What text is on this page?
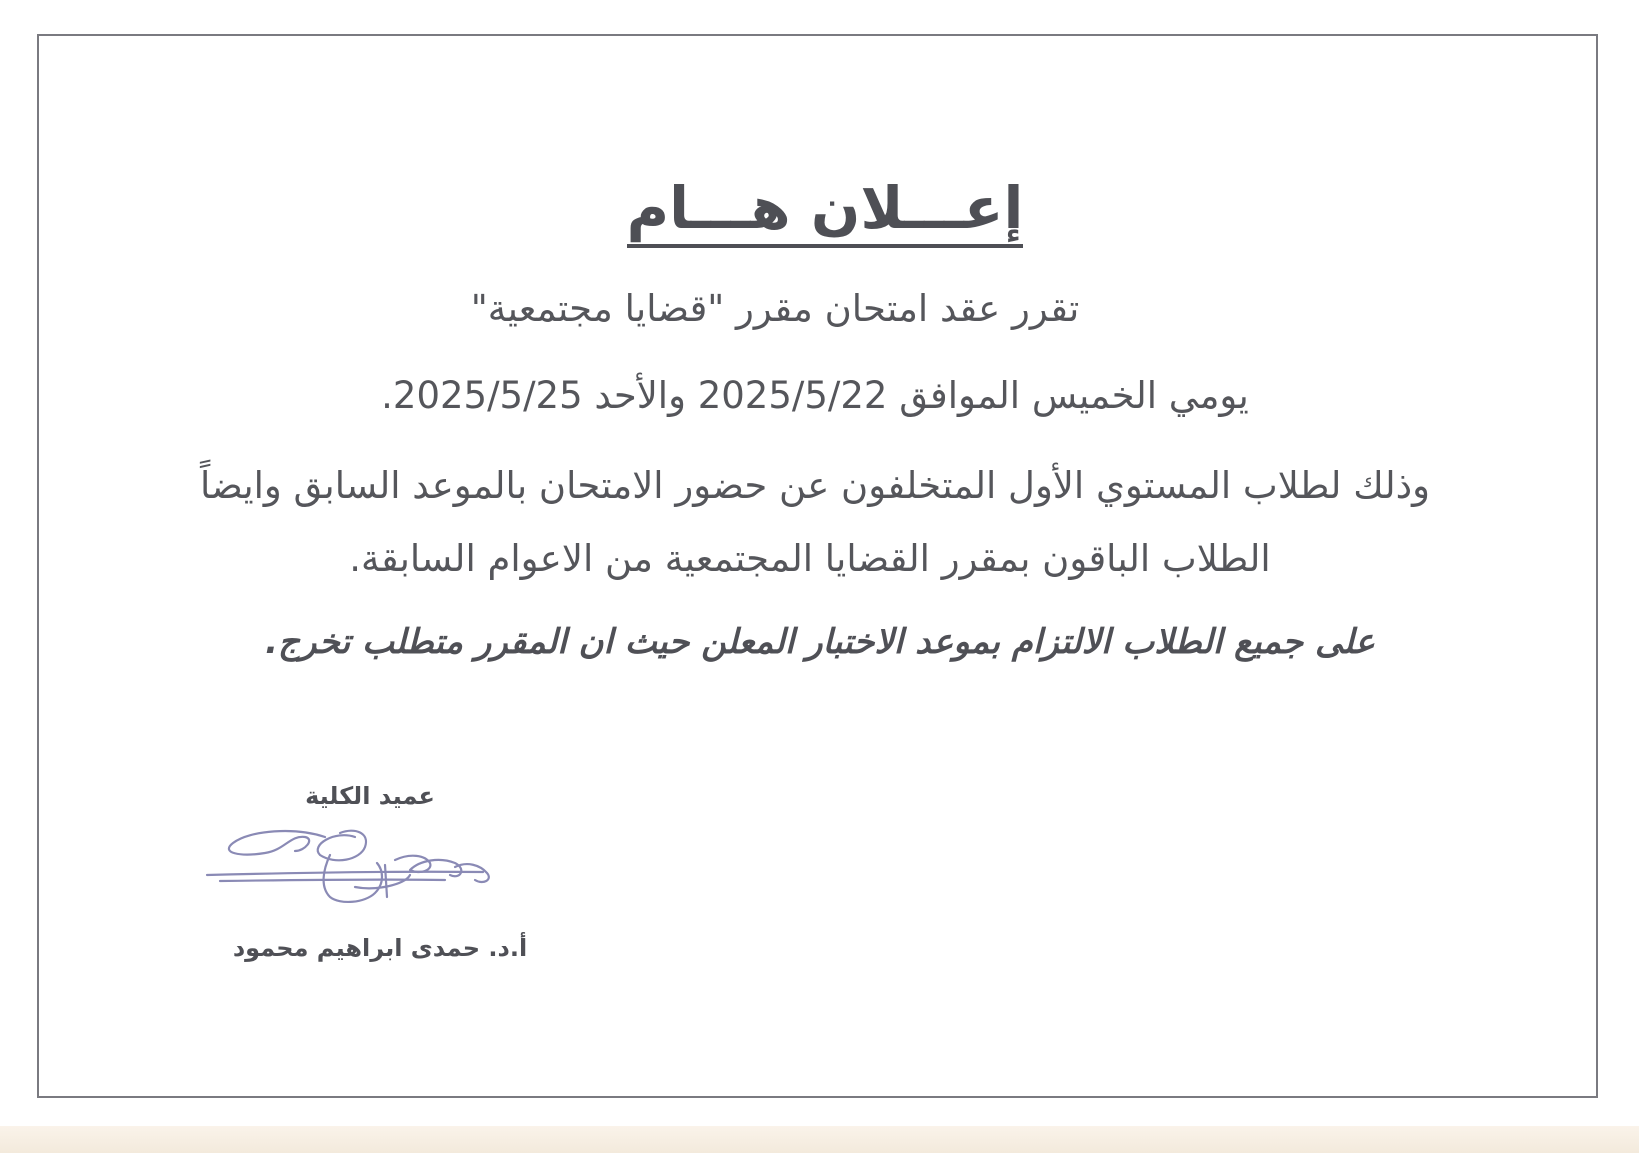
إعـــلان هـــام
تقرر عقد امتحان مقرر "قضايا مجتمعية"
يومي الخميس الموافق 2025/5/22 والأحد 2025/5/25.
وذلك لطلاب المستوي الأول المتخلفون عن حضور الامتحان بالموعد السابق وايضاً
الطلاب الباقون بمقرر القضايا المجتمعية من الاعوام السابقة.
على جميع الطلاب الالتزام بموعد الاختبار المعلن حيث ان المقرر متطلب تخرج.
عميد الكلية
أ.د. حمدى ابراهيم محمود
